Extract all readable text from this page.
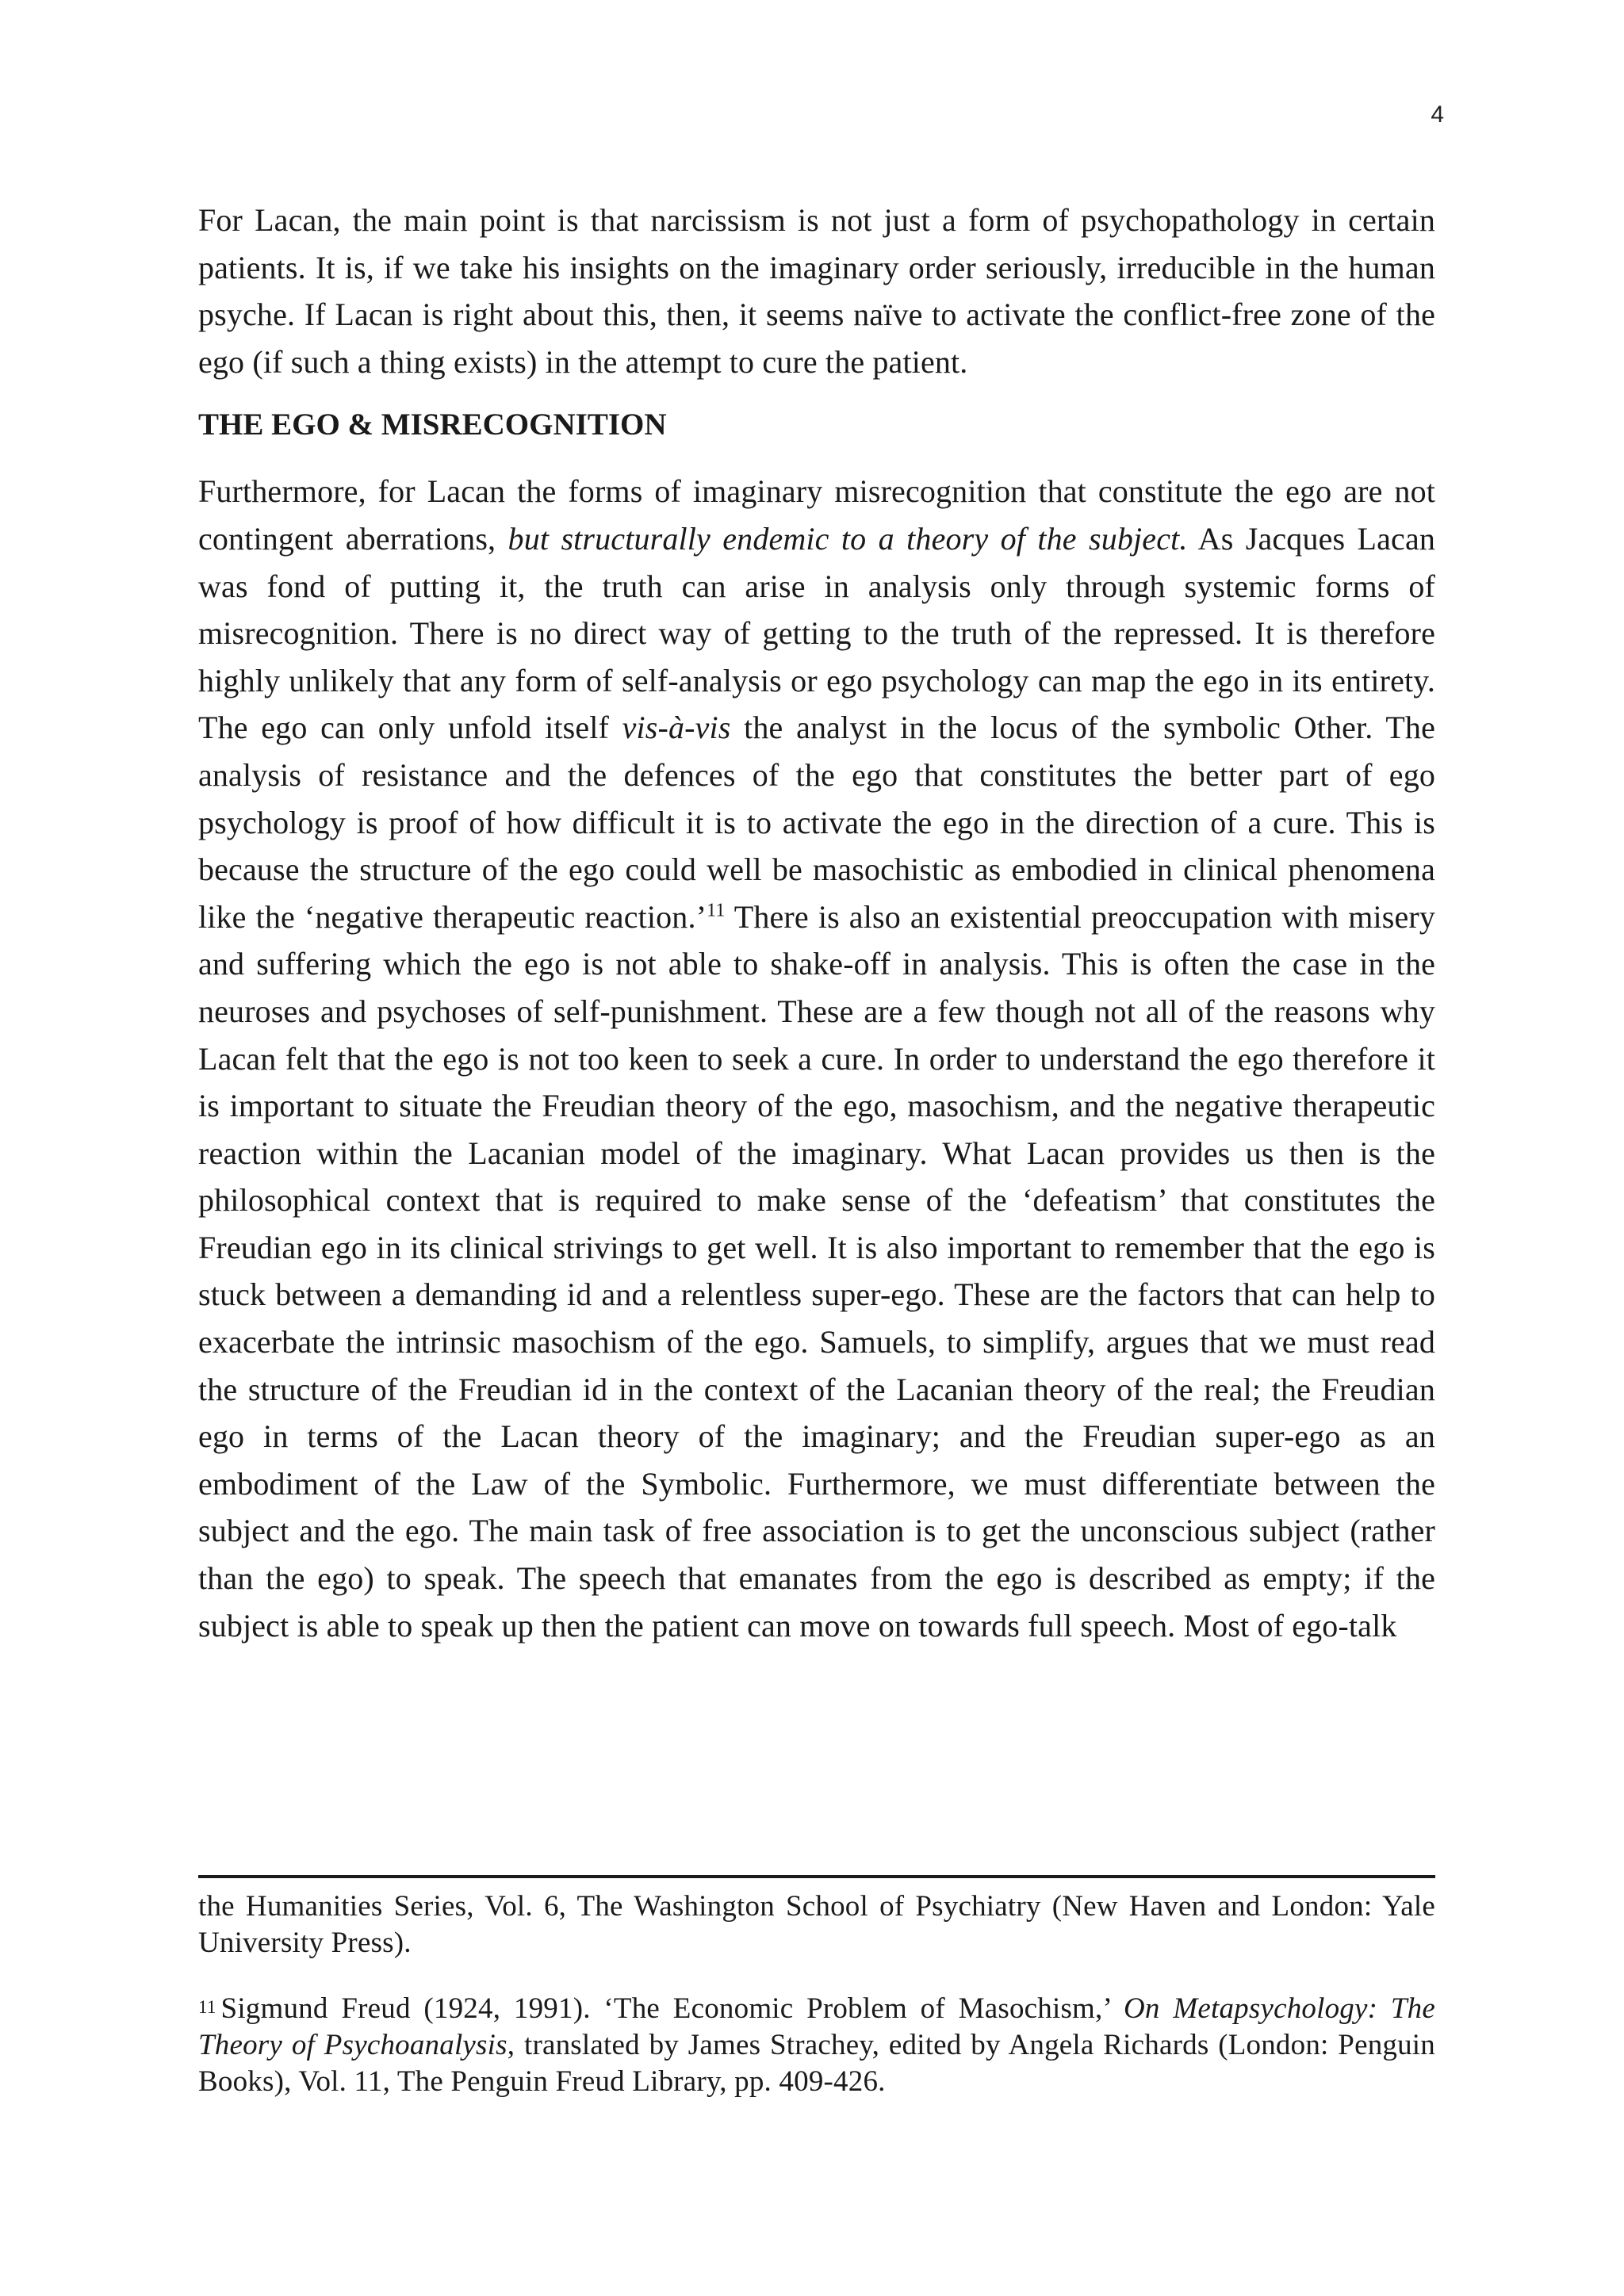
4

For Lacan, the main point is that narcissism is not just a form of psychopathology in certain patients. It is, if we take his insights on the imaginary order seriously, irreducible in the human psyche. If Lacan is right about this, then, it seems naïve to activate the conflict-free zone of the ego (if such a thing exists) in the attempt to cure the patient.

THE EGO & MISRECOGNITION

Furthermore, for Lacan the forms of imaginary misrecognition that constitute the ego are not contingent aberrations, but structurally endemic to a theory of the subject. As Jacques Lacan was fond of putting it, the truth can arise in analysis only through systemic forms of misrecognition. There is no direct way of getting to the truth of the repressed. It is therefore highly unlikely that any form of self-analysis or ego psychology can map the ego in its entirety. The ego can only unfold itself vis-à-vis the analyst in the locus of the symbolic Other. The analysis of resistance and the defences of the ego that constitutes the better part of ego psychology is proof of how difficult it is to activate the ego in the direction of a cure. This is because the structure of the ego could well be masochistic as embodied in clinical phenomena like the ‘negative therapeutic reaction.’$^{11}$ There is also an existential preoccupation with misery and suffering which the ego is not able to shake-off in analysis. This is often the case in the neuroses and psychoses of self-punishment. These are a few though not all of the reasons why Lacan felt that the ego is not too keen to seek a cure. In order to understand the ego therefore it is important to situate the Freudian theory of the ego, masochism, and the negative therapeutic reaction within the Lacanian model of the imaginary. What Lacan provides us then is the philosophical context that is required to make sense of the ‘defeatism’ that constitutes the Freudian ego in its clinical strivings to get well. It is also important to remember that the ego is stuck between a demanding id and a relentless super-ego. These are the factors that can help to exacerbate the intrinsic masochism of the ego. Samuels, to simplify, argues that we must read the structure of the Freudian id in the context of the Lacanian theory of the real; the Freudian ego in terms of the Lacan theory of the imaginary; and the Freudian super-ego as an embodiment of the Law of the Symbolic. Furthermore, we must differentiate between the subject and the ego. The main task of free association is to get the unconscious subject (rather than the ego) to speak. The speech that emanates from the ego is described as empty; if the subject is able to speak up then the patient can move on towards full speech. Most of ego-talk

the Humanities Series, Vol. 6, The Washington School of Psychiatry (New Haven and London: Yale University Press).

$^{11}$ Sigmund Freud (1924, 1991). ‘The Economic Problem of Masochism,’ On Metapsychology: The Theory of Psychoanalysis, translated by James Strachey, edited by Angela Richards (London: Penguin Books), Vol. 11, The Penguin Freud Library, pp. 409-426.
